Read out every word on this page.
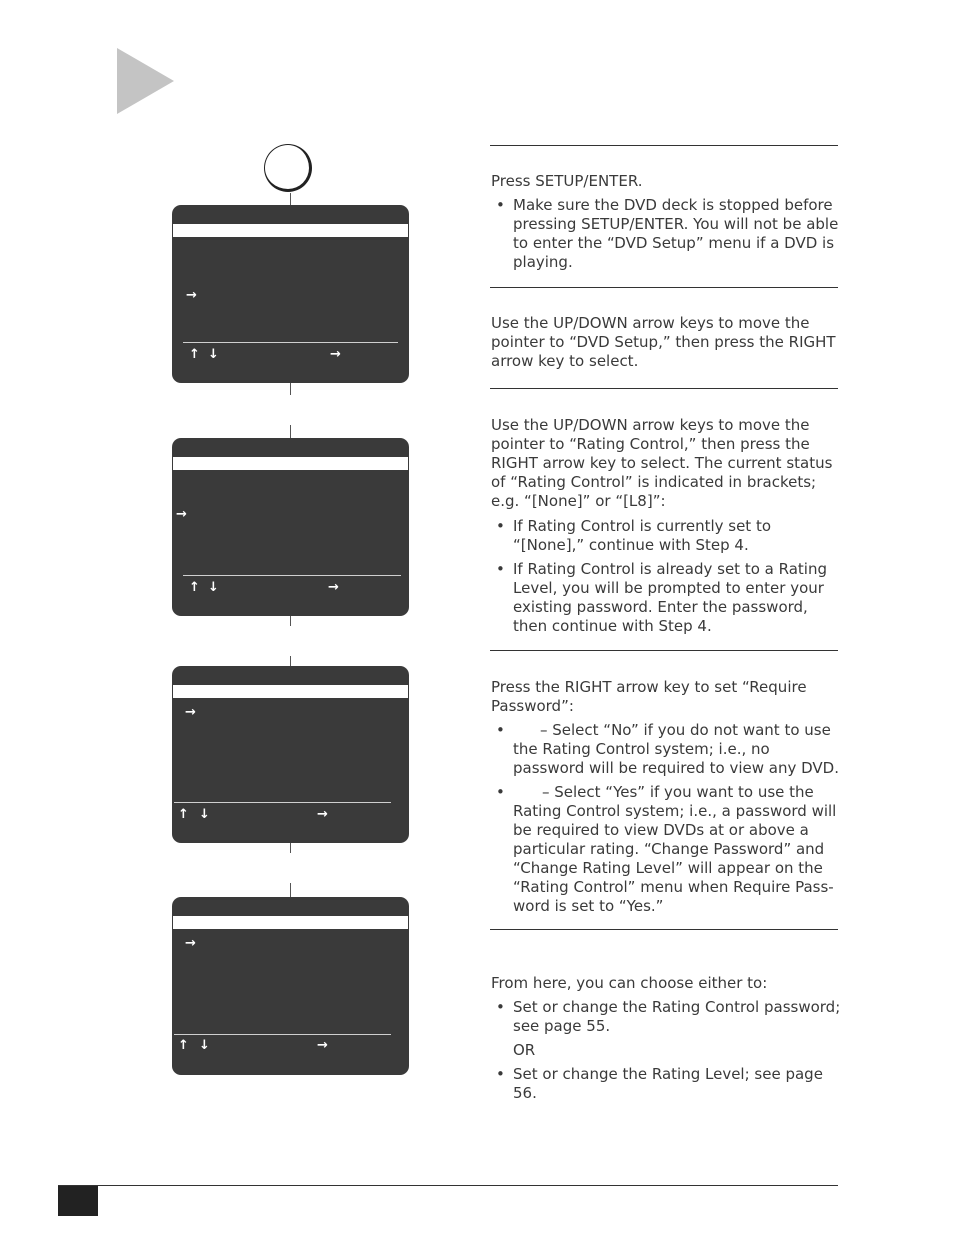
→
↑ ↓	→
→
↑ ↓	→
→
↑ ↓	→
→
↑ ↓	→
Press SETUP/ENTER.
• Make sure the DVD deck is stopped before pressing SETUP/ENTER. You will not be able to enter the “DVD Setup” menu if a DVD is playing.
Use the UP/DOWN arrow keys to move the pointer to “DVD Setup,” then press the RIGHT arrow key to select.
Use the UP/DOWN arrow keys to move the pointer to “Rating Control,” then press the RIGHT arrow key to select. The current status of “Rating Control” is indicated in brackets; e.g. “[None]” or “[L8]”:
• If Rating Control is currently set to “[None],” continue with Step 4.
• If Rating Control is already set to a Rating Level, you will be prompted to enter your existing password. Enter the password, then continue with Step 4.
Press the RIGHT arrow key to set “Require Password”:
•	– Select “No” if you do not want to use the Rating Control system; i.e., no password will be required to view any DVD.
•	– Select “Yes” if you want to use the Rating Control system; i.e., a password will be required to view DVDs at or above a particular rating. “Change Password” and “Change Rating Level” will appear on the “Rating Control” menu when Require Pass-word is set to “Yes.”
From here, you can choose either to:
• Set or change the Rating Control password; see page 55.
OR
• Set or change the Rating Level; see page 56.
